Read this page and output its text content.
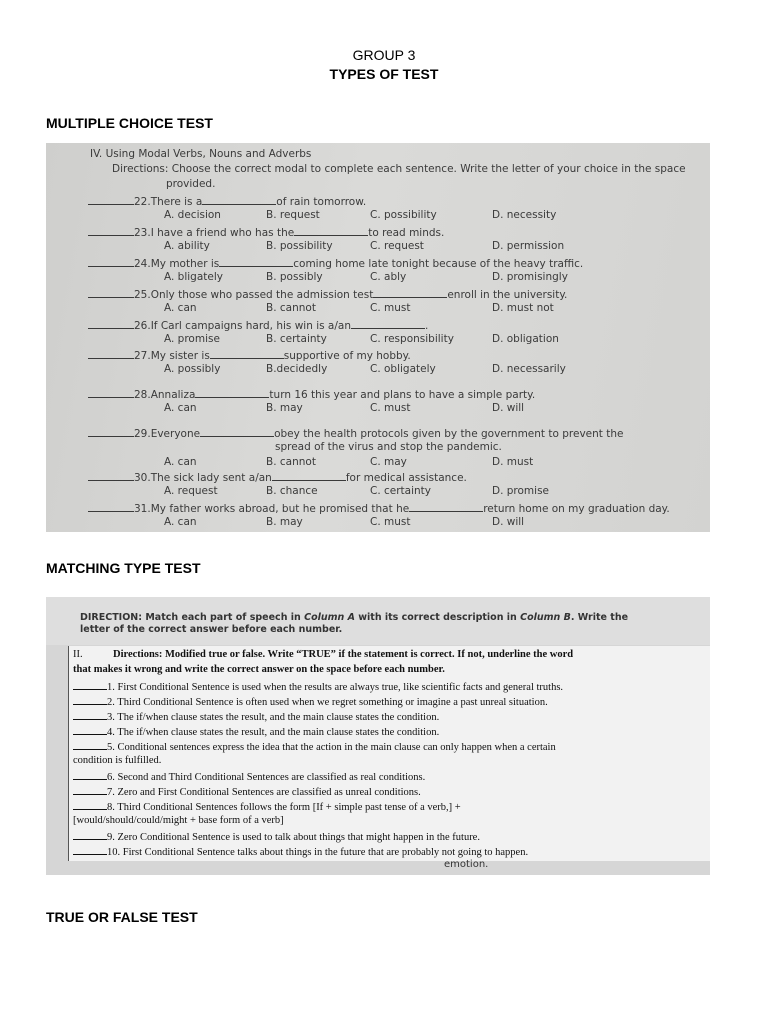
GROUP 3
TYPES OF TEST
MULTIPLE CHOICE TEST
IV. Using Modal Verbs, Nouns and Adverbs
Directions: Choose the correct modal to complete each sentence. Write the letter of your choice in the space
provided.
22.There is a	of rain tomorrow.
A. decision	B. request	C. possibility	D. necessity
23.I have a friend who has the	to read minds.
A. ability	B. possibility	C. request	D. permission
24.My mother is	coming home late tonight because of the heavy traffic.
A. bligately	B. possibly	C. ably	D. promisingly
25.Only those who passed the admission test	enroll in the university.
A. can	B. cannot	C. must	D. must not
26.If Carl campaigns hard, his win is a/an	.
A. promise	B. certainty	C. responsibility	D. obligation
27.My sister is	supportive of my hobby.
A. possibly	B.decidedly	C. obligately	D. necessarily
28.Annaliza	turn 16 this year and plans to have a simple party.
A. can	B. may	C. must	D. will
29.Everyone	obey the health protocols given by the government to prevent the
spread of the virus and stop the pandemic.
A. can	B. cannot	C. may	D. must
30.The sick lady sent a/an	for medical assistance.
A. request	B. chance	C. certainty	D. promise
31.My father works abroad, but he promised that he	return home on my graduation day.
A. can	B. may	C. must	D. will
MATCHING TYPE TEST
DIRECTION: Match each part of speech in Column A with its correct description in Column B. Write the
letter of the correct answer before each number.
II.	Directions: Modified true or false. Write “TRUE” if the statement is correct. If not, underline the word
that makes it wrong and write the correct answer on the space before each number.
1. First Conditional Sentence is used when the results are always true, like scientific facts and general truths.
2. Third Conditional Sentence is often used when we regret something or imagine a past unreal situation.
3. The if/when clause states the result, and the main clause states the condition.
4. The if/when clause states the result, and the main clause states the condition.
5. Conditional sentences express the idea that the action in the main clause can only happen when a certain
6. Second and Third Conditional Sentences are classified as real conditions.
7. Zero and First Conditional Sentences are classified as unreal conditions.
8. Third Conditional Sentences follows the form [If + simple past tense of a verb,] +
9. Zero Conditional Sentence is used to talk about things that might happen in the future.
10. First Conditional Sentence talks about things in the future that are probably not going to happen.
condition is fulfilled.
[would/should/could/might + base form of a verb]
emotion.
TRUE OR FALSE TEST
